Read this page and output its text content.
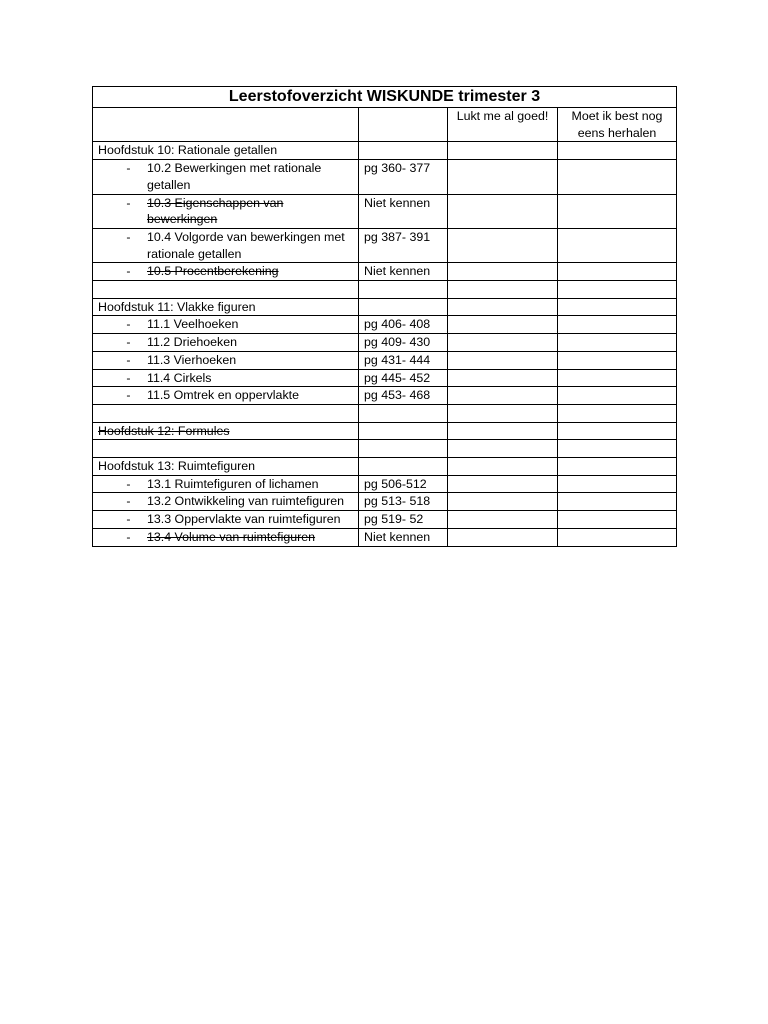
Leerstofoverzicht WISKUNDE trimester 3			
		Lukt me al goed!	Moet ik best nog eens herhalen
Hoofdstuk 10: Rationale getallen			

- 10.2 Bewerkingen met rationale getallen	pg 360- 377		

- 10.3 Eigenschappen van bewerkingen	Niet kennen		

- 10.4 Volgorde van bewerkingen met rationale getallen	pg 387- 391		

- 10.5 Procentberekening	Niet kennen		

Hoofdstuk 11: Vlakke figuren			

- 11.1 Veelhoeken	pg 406- 408		

- 11.2 Driehoeken	pg 409- 430		

- 11.3 Vierhoeken	pg 431- 444		

- 11.4 Cirkels	pg 445- 452		

- 11.5 Omtrek en oppervlakte	pg 453- 468		

Hoofdstuk 12: Formules			

Hoofdstuk 13: Ruimtefiguren			

- 13.1 Ruimtefiguren of lichamen	pg 506-512		

- 13.2 Ontwikkeling van ruimtefiguren	pg 513- 518		

- 13.3 Oppervlakte van ruimtefiguren	pg 519- 52		

- 13.4 Volume van ruimtefiguren	Niet kennen		
